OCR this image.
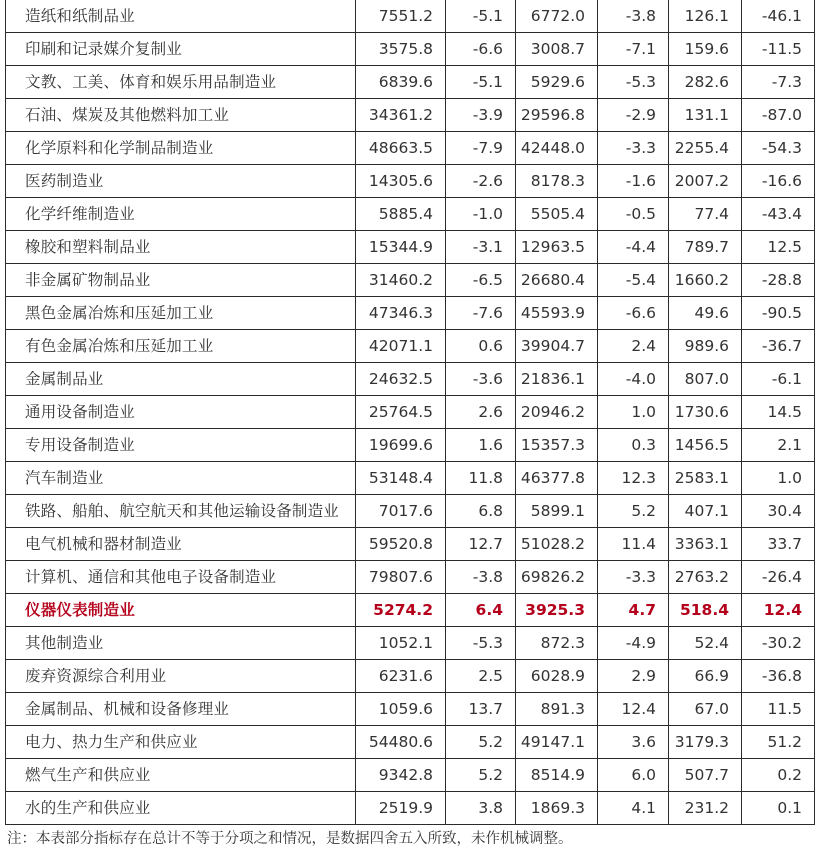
造纸和纸制品业	7551.2	-5.1	6772.0	-3.8	126.1	-46.1
印刷和记录媒介复制业	3575.8	-6.6	3008.7	-7.1	159.6	-11.5
文教、工美、体育和娱乐用品制造业	6839.6	-5.1	5929.6	-5.3	282.6	-7.3
石油、煤炭及其他燃料加工业	34361.2	-3.9	29596.8	-2.9	131.1	-87.0
化学原料和化学制品制造业	48663.5	-7.9	42448.0	-3.3	2255.4	-54.3
医药制造业	14305.6	-2.6	8178.3	-1.6	2007.2	-16.6
化学纤维制造业	5885.4	-1.0	5505.4	-0.5	77.4	-43.4
橡胶和塑料制品业	15344.9	-3.1	12963.5	-4.4	789.7	12.5
非金属矿物制品业	31460.2	-6.5	26680.4	-5.4	1660.2	-28.8
黑色金属冶炼和压延加工业	47346.3	-7.6	45593.9	-6.6	49.6	-90.5
有色金属冶炼和压延加工业	42071.1	0.6	39904.7	2.4	989.6	-36.7
金属制品业	24632.5	-3.6	21836.1	-4.0	807.0	-6.1
通用设备制造业	25764.5	2.6	20946.2	1.0	1730.6	14.5
专用设备制造业	19699.6	1.6	15357.3	0.3	1456.5	2.1
汽车制造业	53148.4	11.8	46377.8	12.3	2583.1	1.0
铁路、船舶、航空航天和其他运输设备制造业	7017.6	6.8	5899.1	5.2	407.1	30.4
电气机械和器材制造业	59520.8	12.7	51028.2	11.4	3363.1	33.7
计算机、通信和其他电子设备制造业	79807.6	-3.8	69826.2	-3.3	2763.2	-26.4
仪器仪表制造业	5274.2	6.4	3925.3	4.7	518.4	12.4
其他制造业	1052.1	-5.3	872.3	-4.9	52.4	-30.2
废弃资源综合利用业	6231.6	2.5	6028.9	2.9	66.9	-36.8
金属制品、机械和设备修理业	1059.6	13.7	891.3	12.4	67.0	11.5
电力、热力生产和供应业	54480.6	5.2	49147.1	3.6	3179.3	51.2
燃气生产和供应业	9342.8	5.2	8514.9	6.0	507.7	0.2
水的生产和供应业	2519.9	3.8	1869.3	4.1	231.2	0.1
注：本表部分指标存在总计不等于分项之和情况，是数据四舍五入所致，未作机械调整。
